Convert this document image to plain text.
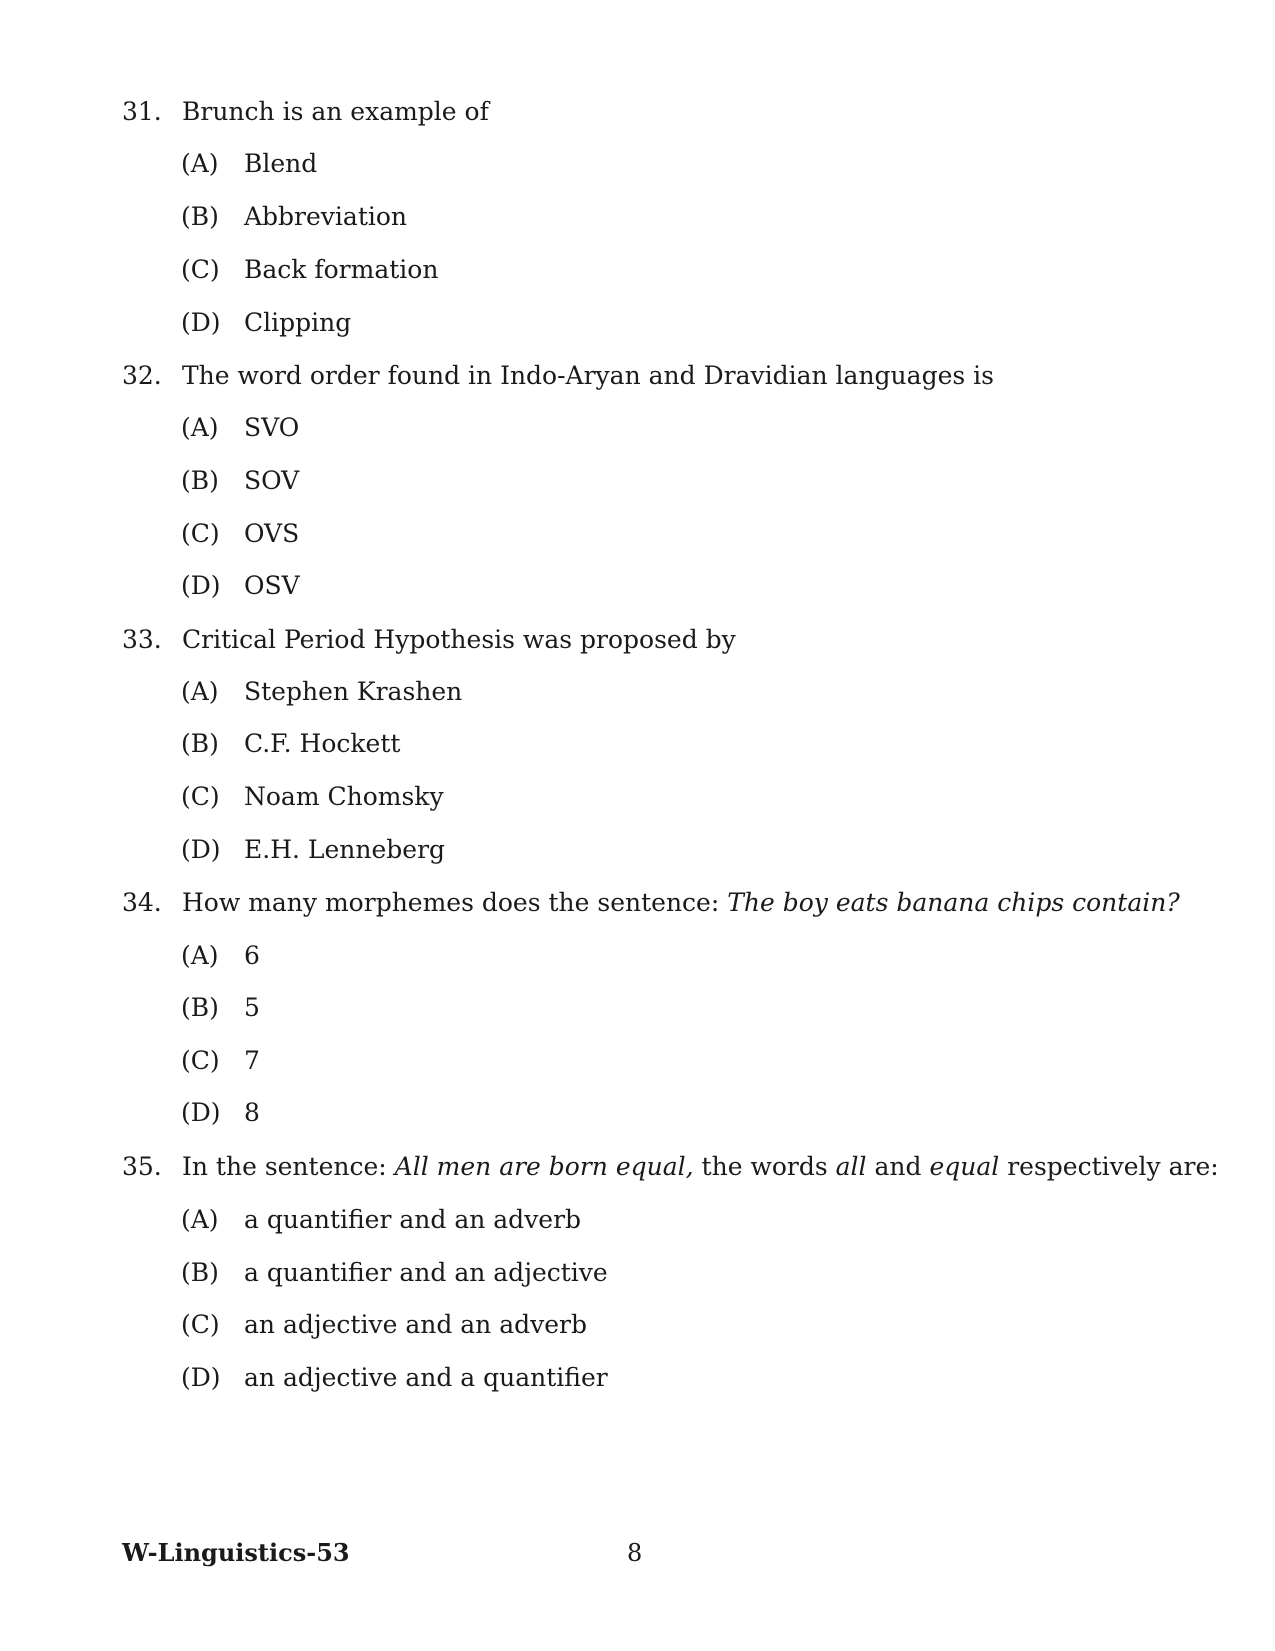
31. Brunch is an example of
(A) Blend
(B) Abbreviation
(C) Back formation
(D) Clipping
32. The word order found in Indo-Aryan and Dravidian languages is
(A) SVO
(B) SOV
(C) OVS
(D) OSV
33. Critical Period Hypothesis was proposed by
(A) Stephen Krashen
(B) C.F. Hockett
(C) Noam Chomsky
(D) E.H. Lenneberg
34. How many morphemes does the sentence: The boy eats banana chips contain?
(A) 6
(B) 5
(C) 7
(D) 8
35. In the sentence: All men are born equal, the words all and equal respectively are:
(A) a quantifier and an adverb
(B) a quantifier and an adjective
(C) an adjective and an adverb
(D) an adjective and a quantifier
W-Linguistics-53	8
